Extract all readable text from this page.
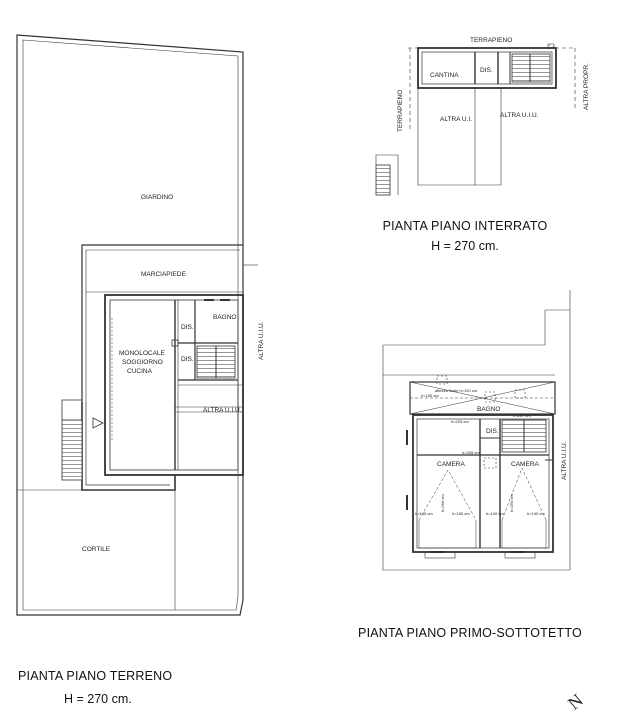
GIARDINO
MARCIAPIEDE
BAGNO
DIS.
DIS.
MONOLOCALE
SOGGIORNO
CUCINA
CORTILE
ALTRA U.I.U.
ALTRA U.I.U.
CANTINA
DIS.
TERRAPIENO
TERRAPIENO
ALTRA PROPR.
ALTRA U.I.
ALTRA U.I.U.
BAGNO
DIS.
CAMERA	CAMERA
altezza finale h=120 cm
h=150 cm
h=225 cm
h=207 cm
h=205 cm
h=260 cm	h=260 cm
h=150 cm	h=140 cm	h=140 cm
h=145 cm
ALTRA U.I.U.
N
PIANTA PIANO INTERRATO
H = 270 cm.
PIANTA PIANO PRIMO-SOTTOTETTO
PIANTA PIANO TERRENO
H = 270 cm.
